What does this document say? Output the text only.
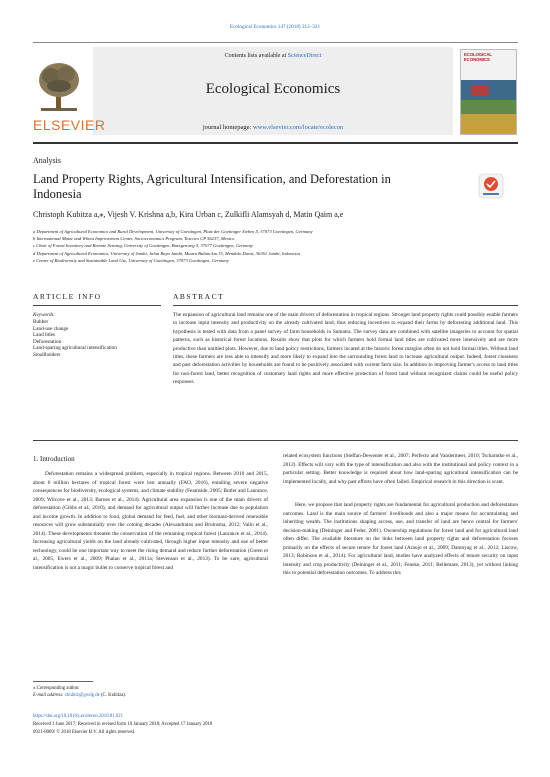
Ecological Economics 147 (2018) 312–321
Contents lists available at ScienceDirect
Ecological Economics
journal homepage: www.elsevier.com/locate/ecolecon
ELSEVIER
ECOLOGICAL ECONOMICS
Analysis
Land Property Rights, Agricultural Intensification, and Deforestation in Indonesia
Christoph Kubitza a,⁎, Vijesh V. Krishna a,b, Kira Urban c, Zulkifli Alamsyah d, Matin Qaim a,e
a Department of Agricultural Economics and Rural Development, University of Goettingen, Platz der Goettinger Sieben 5, 37073 Goettingen, Germany
b International Maize and Wheat Improvement Center, Socioeconomics Program, Texcoco CP 56237, Mexico
c Chair of Forest Inventory and Remote Sensing, University of Goettingen, Buesgenweg 5, 37077 Goettingen, Germany
d Department of Agricultural Economics, University of Jambi, Jalan Raya Jambi, Muara Bulian km 15, Mendalo Darat, 36361 Jambi, Indonesia
e Center of Biodiversity and Sustainable Land Use, University of Goettingen, 37073 Goettingen, Germany
ARTICLE INFO	ABSTRACT
Keywords:
Rubber
Land-use change
Land titles
Deforestation
Land-sparing agricultural intensification
Smallholders
The expansion of agricultural land remains one of the main drivers of deforestation in tropical regions. Stronger land property rights could possibly enable farmers to increase input intensity and productivity on the already cultivated land, thus reducing incentives to expand their farms by deforesting additional land. This hypothesis is tested with data from a panel survey of farm households in Sumatra. The survey data are combined with satellite imageries to account for spatial patterns, such as historical forest locations. Results show that plots for which farmers hold formal land titles are cultivated more intensively and are more productive than untitled plots. However, due to land policy restrictions, farmers located at the historic forest margins often do not hold formal titles. Without land titles, these farmers are less able to intensify and more likely to expand into the surrounding forest land to increase agricultural output. Indeed, forest closeness and past deforestation activities by households are found to be positively associated with current farm size. In addition to improving farmer's access to land titles for non-forest land, better recognition of customary land rights and more effective protection of forest land without recognized claims could be useful policy responses.
1. Introduction
Deforestation remains a widespread problem, especially in tropical regions. Between 2010 and 2015, about 6 million hectares of tropical forest were lost annually (FAO, 2016), entailing severe negative consequences for biodiversity, ecological systems, and climate stability (Feamside, 2005; Butler and Laurance, 2009; Wilcove et al., 2013; Barnes et al., 2014). Agricultural area expansion is one of the main drivers of deforestation (Gibbs et al., 2010), and demand for agricultural output will further increase due to population and income growth. In addition to food, global demand for feed, fuel, and other biomass-derived renewable resources will grow substantially over the coming decades (Alexandratos and Bruinsma, 2012; Valin et al., 2014). These developments threaten the conservation of the remaining tropical forest (Laurance et al., 2014). Increasing agricultural yields on the land already cultivated, through higher input intensity and use of better technology, could be one important way to meet the rising demand and reduce further deforestation (Green et al., 2005; Ewers et al., 2009; Phalan et al., 2011a; Stevenson et al., 2013). To be sure, agricultural intensification is not a magic bullet to conserve tropical forest and
related ecosystem functions (Steffan-Dewenter et al., 2007; Perfecto and Vandermeer, 2010; Tscharntke et al., 2012). Effects will vary with the type of intensification and also with the institutional and policy context in a particular setting. Better knowledge is required about how land-sparing agricultural intensification can be implemented locally, and why past efforts have often failed. Empirical research in this direction is scant.
Here, we propose that land property rights are fundamental for agricultural production and deforestation outcomes. Land is the main source of farmers' livelihoods and also a major means for accumulating and inheriting wealth. The institutions shaping access, use, and transfer of land are hence central for farmers' decision-making (Deininger and Feder, 2001). Ownership regulations for forest land and for agricultural land often differ. The available literature on the links between land property rights and deforestation focuses primarily on the effects of secure tenure for forest land (Araujo et al., 2009; Damnyag et al., 2012; Liscow, 2013; Robinson et al., 2014). For agricultural land, studies have analyzed effects of tenure security on input intensity and crop productivity (Deininger et al., 2011; Fenske, 2011; Bellemare, 2013), yet without linking this to potential deforestation outcomes. To address this
⁎ Corresponding author.
E-mail address: ckubitz@gwdg.de (C. Kubitza).
https://doi.org/10.1016/j.ecolecon.2018.01.021
Received 1 June 2017; Received in revised form 10 January 2018; Accepted 17 January 2018
0921-8009/ © 2018 Elsevier B.V. All rights reserved.
